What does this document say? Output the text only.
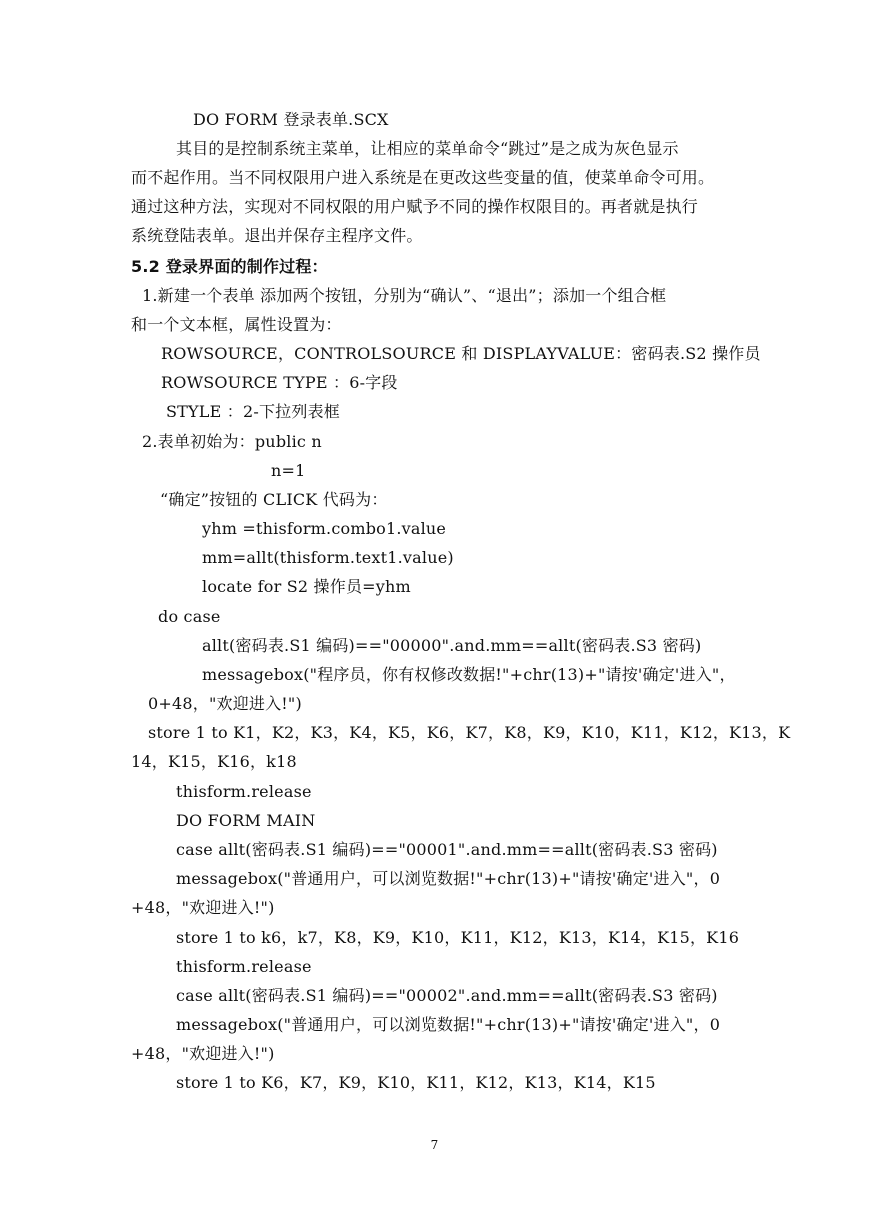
DO FORM 登录表单.SCX
其目的是控制系统主菜单，让相应的菜单命令“跳过”是之成为灰色显示
而不起作用。当不同权限用户进入系统是在更改这些变量的值，使菜单命令可用。
通过这种方法，实现对不同权限的用户赋予不同的操作权限目的。再者就是执行
系统登陆表单。退出并保存主程序文件。
5.2 登录界面的制作过程：
1.新建一个表单 添加两个按钮，分别为“确认”、“退出”；添加一个组合框
和一个文本框，属性设置为：
ROWSOURCE，CONTROLSOURCE 和 DISPLAYVALUE：密码表.S2 操作员
ROWSOURCE TYPE ：6-字段
STYLE ：2-下拉列表框
2.表单初始为：public n
n=1
“确定”按钮的 CLICK 代码为：
yhm =thisform.combo1.value
mm=allt(thisform.text1.value)
locate for S2 操作员=yhm
do case
allt(密码表.S1 编码)=="00000".and.mm==allt(密码表.S3 密码)
messagebox("程序员，你有权修改数据!"+chr(13)+"请按'确定'进入"，
0+48，"欢迎进入!")
store 1 to K1，K2，K3，K4，K5，K6，K7，K8，K9，K10，K11，K12，K13，K
14，K15，K16，k18
thisform.release
DO FORM MAIN
case allt(密码表.S1 编码)=="00001".and.mm==allt(密码表.S3 密码)
messagebox("普通用户，可以浏览数据!"+chr(13)+"请按'确定'进入"，0
+48，"欢迎进入!")
store 1 to k6，k7，K8，K9，K10，K11，K12，K13，K14，K15，K16
thisform.release
case allt(密码表.S1 编码)=="00002".and.mm==allt(密码表.S3 密码)
messagebox("普通用户，可以浏览数据!"+chr(13)+"请按'确定'进入"，0
+48，"欢迎进入!")
store 1 to K6，K7，K9，K10，K11，K12，K13，K14，K15
7
